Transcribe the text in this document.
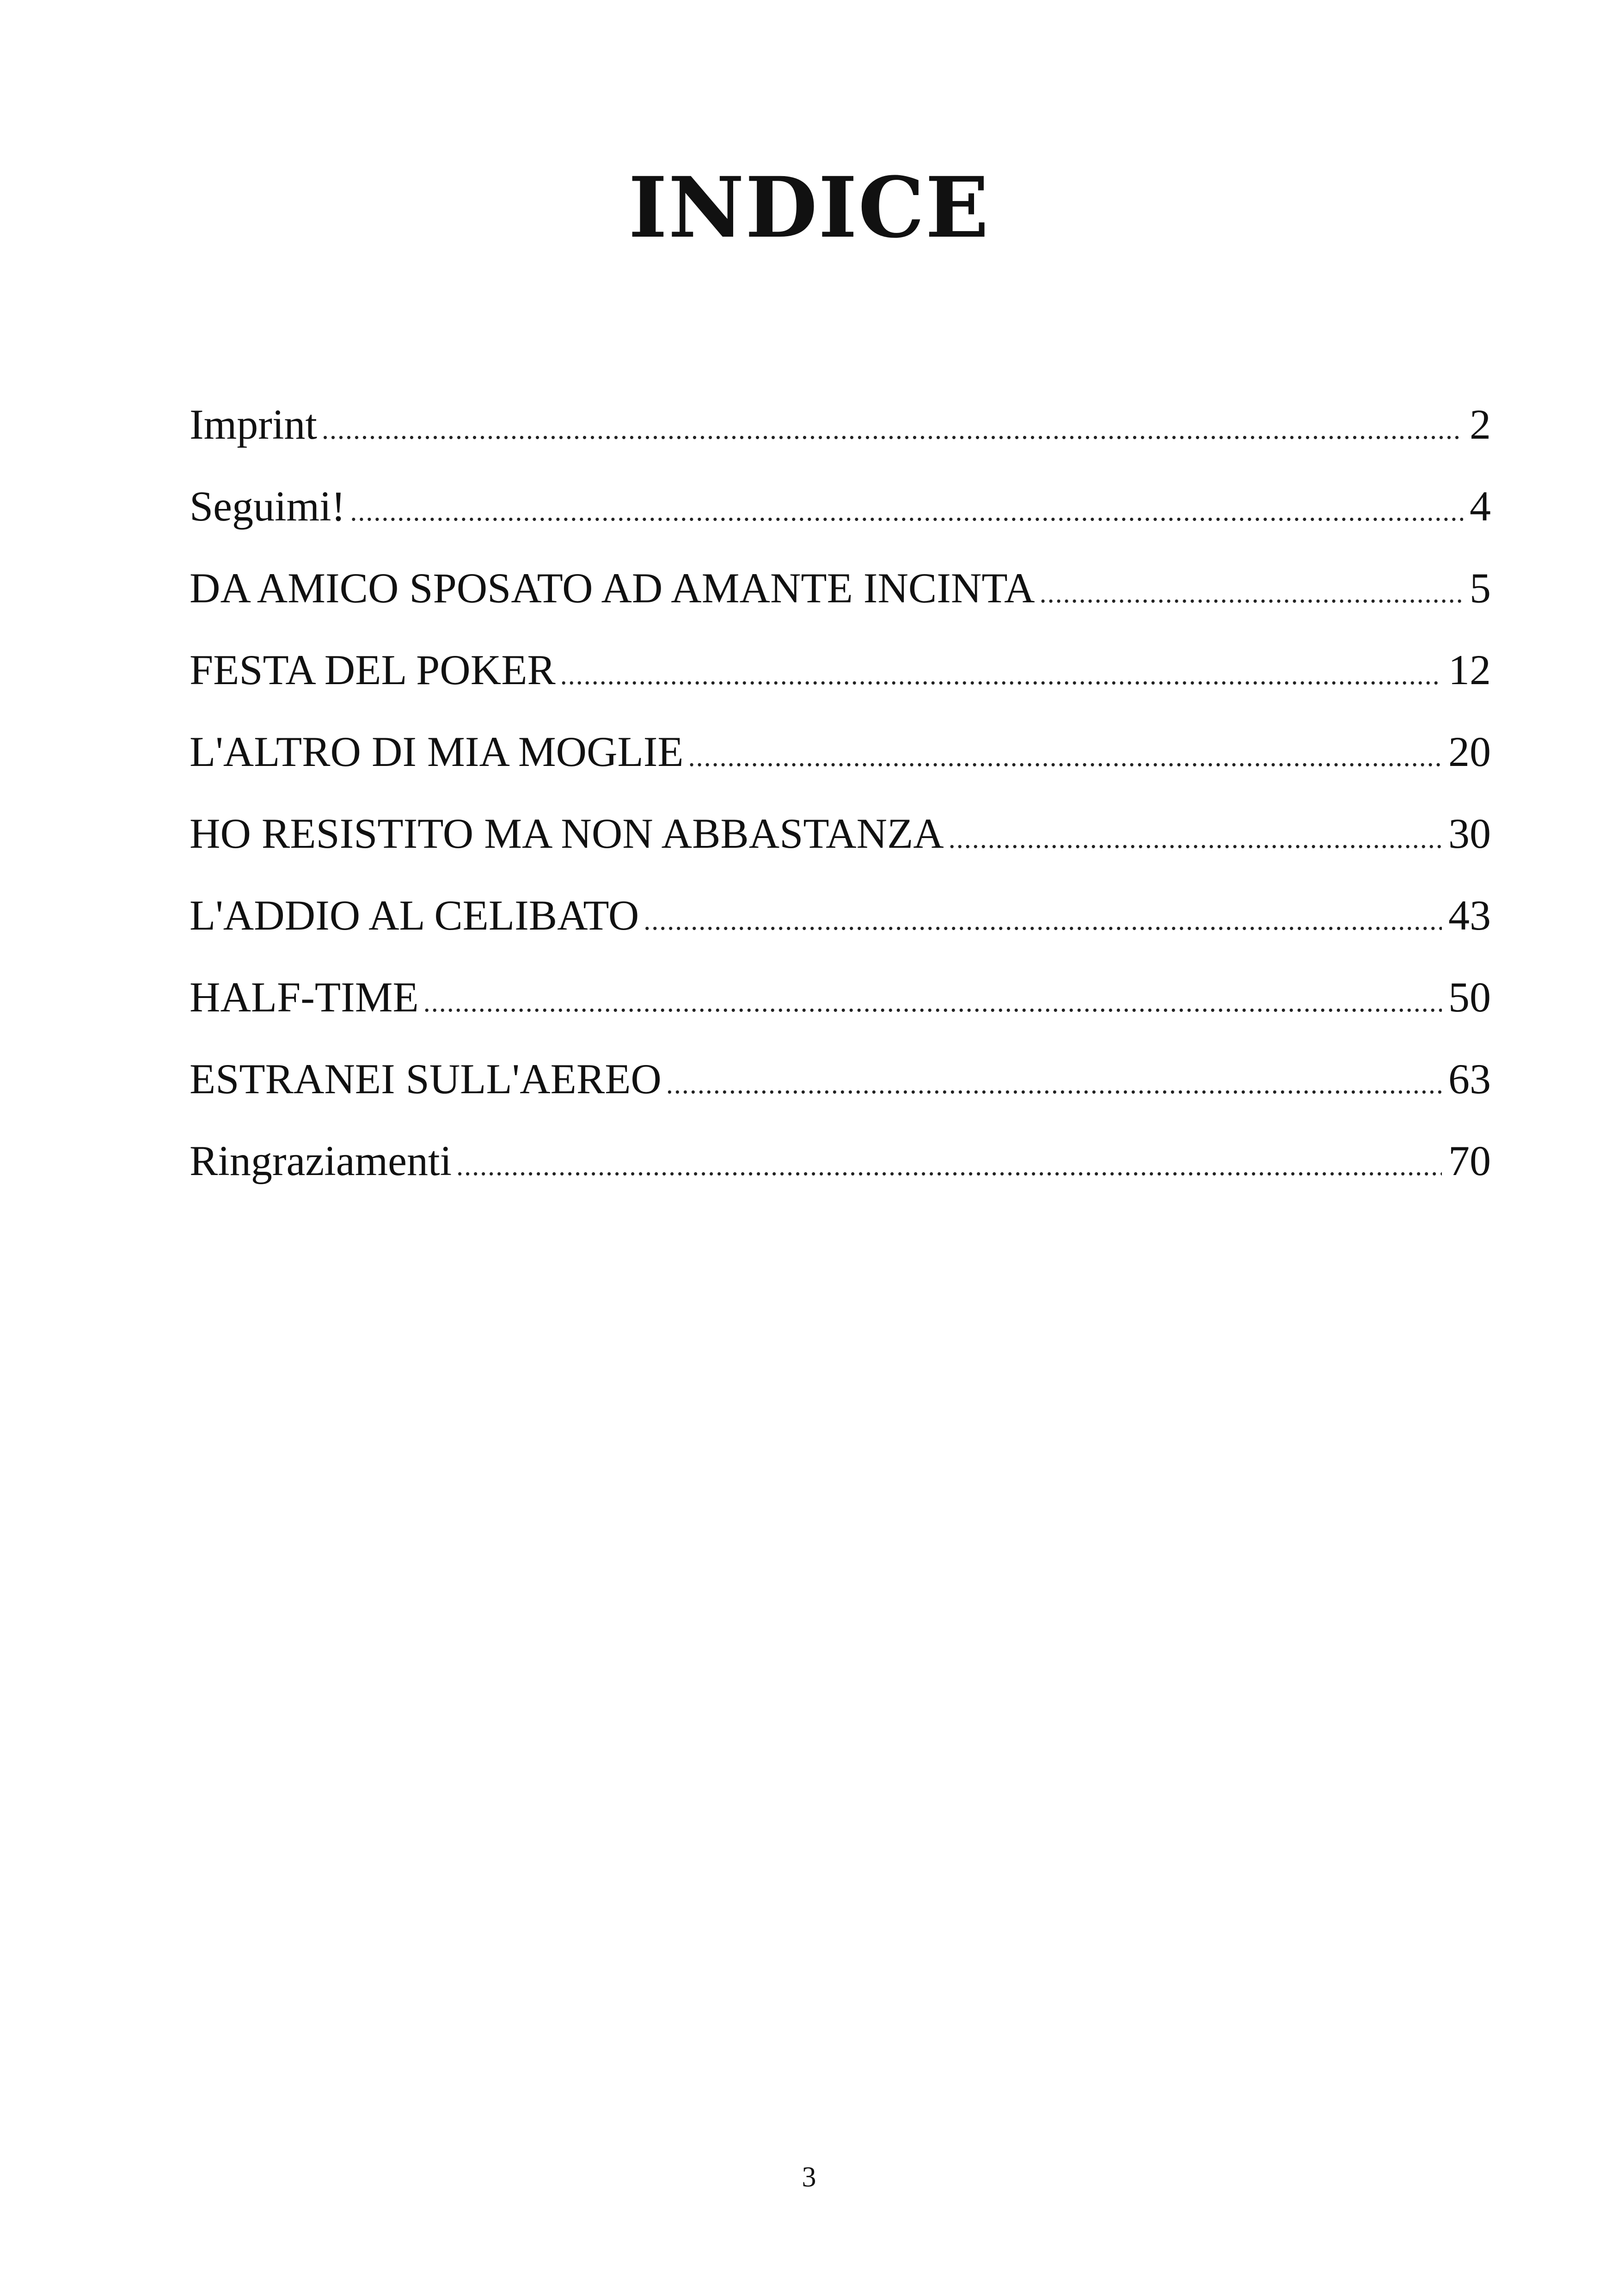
INDICE
Imprint .....	2
Seguimi! .....	4
DA AMICO SPOSATO AD AMANTE INCINTA .....	5
FESTA DEL POKER .....	12
L'ALTRO DI MIA MOGLIE .....	20
HO RESISTITO MA NON ABBASTANZA .....	30
L'ADDIO AL CELIBATO .....	43
HALF-TIME .....	50
ESTRANEI SULL'AEREO .....	63
Ringraziamenti .....	70
3
